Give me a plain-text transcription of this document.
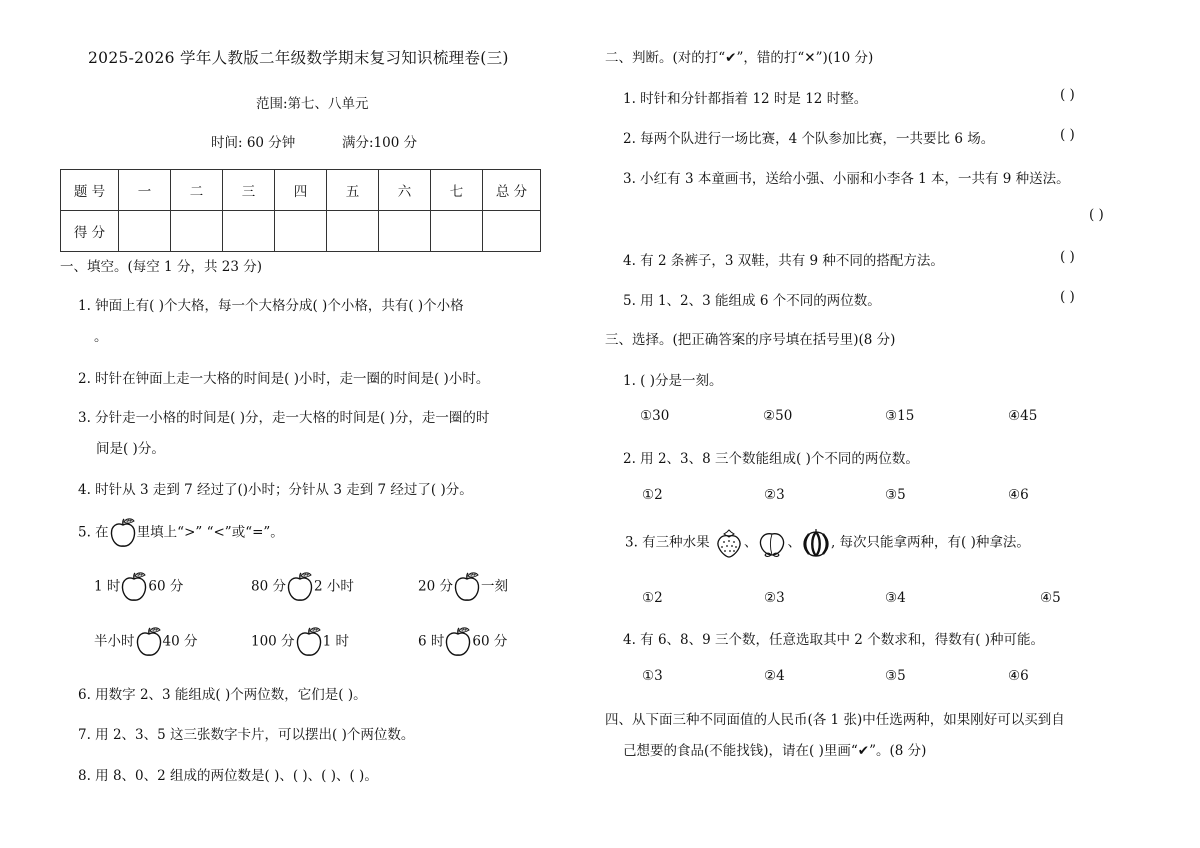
2025-2026 学年人教版二年级数学期末复习知识梳理卷(三)
范围:第七、八单元
时间: 60 分钟	满分:100 分
题 号	一	二	三	四	五	六	七	总 分
得 分								
一、填空。(每空 1 分，共 23 分)
1. 钟面上有( )个大格，每一个大格分成( )个小格，共有( )个小格
。
2. 时针在钟面上走一大格的时间是( )小时，走一圈的时间是( )小时。
3. 分针走一小格的时间是( )分，走一大格的时间是( )分，走一圈的时
间是( )分。
4. 时针从 3 走到 7 经过了()小时；分针从 3 走到 7 经过了( )分。
5. 在 里填上“>” “<”或“=”。
1 时 60 分	80 分 2 小时	20 分 一刻
半小时 40 分	100 分 1 时	6 时 60 分
6. 用数字 2、3 能组成( )个两位数，它们是( )。
7. 用 2、3、5 这三张数字卡片，可以摆出( )个两位数。
8. 用 8、0、2 组成的两位数是( )、( )、( )、( )。
二、判断。(对的打“✔”，错的打“✕”)(10 分)
1. 时针和分针都指着 12 时是 12 时整。	( )
2. 每两个队进行一场比赛，4 个队参加比赛，一共要比 6 场。	( )
3. 小红有 3 本童画书，送给小强、小丽和小李各 1 本，一共有 9 种送法。
( )
4. 有 2 条裤子，3 双鞋，共有 9 种不同的搭配方法。	( )
5. 用 1、2、3 能组成 6 个不同的两位数。	( )
三、选择。(把正确答案的序号填在括号里)(8 分)
1. ( )分是一刻。
①30	②50	③15	④45
2. 用 2、3、8 三个数能组成( )个不同的两位数。
①2	②3	③5	④6
3. 有三种水果	、 、 , 每次只能拿两种，有( )种拿法。
①2	②3	③4	④5
4. 有 6、8、9 三个数，任意选取其中 2 个数求和，得数有( )种可能。
①3	②4	③5	④6
四、从下面三种不同面值的人民币(各 1 张)中任选两种，如果刚好可以买到自
己想要的食品(不能找钱)，请在( )里画“✔”。(8 分)
